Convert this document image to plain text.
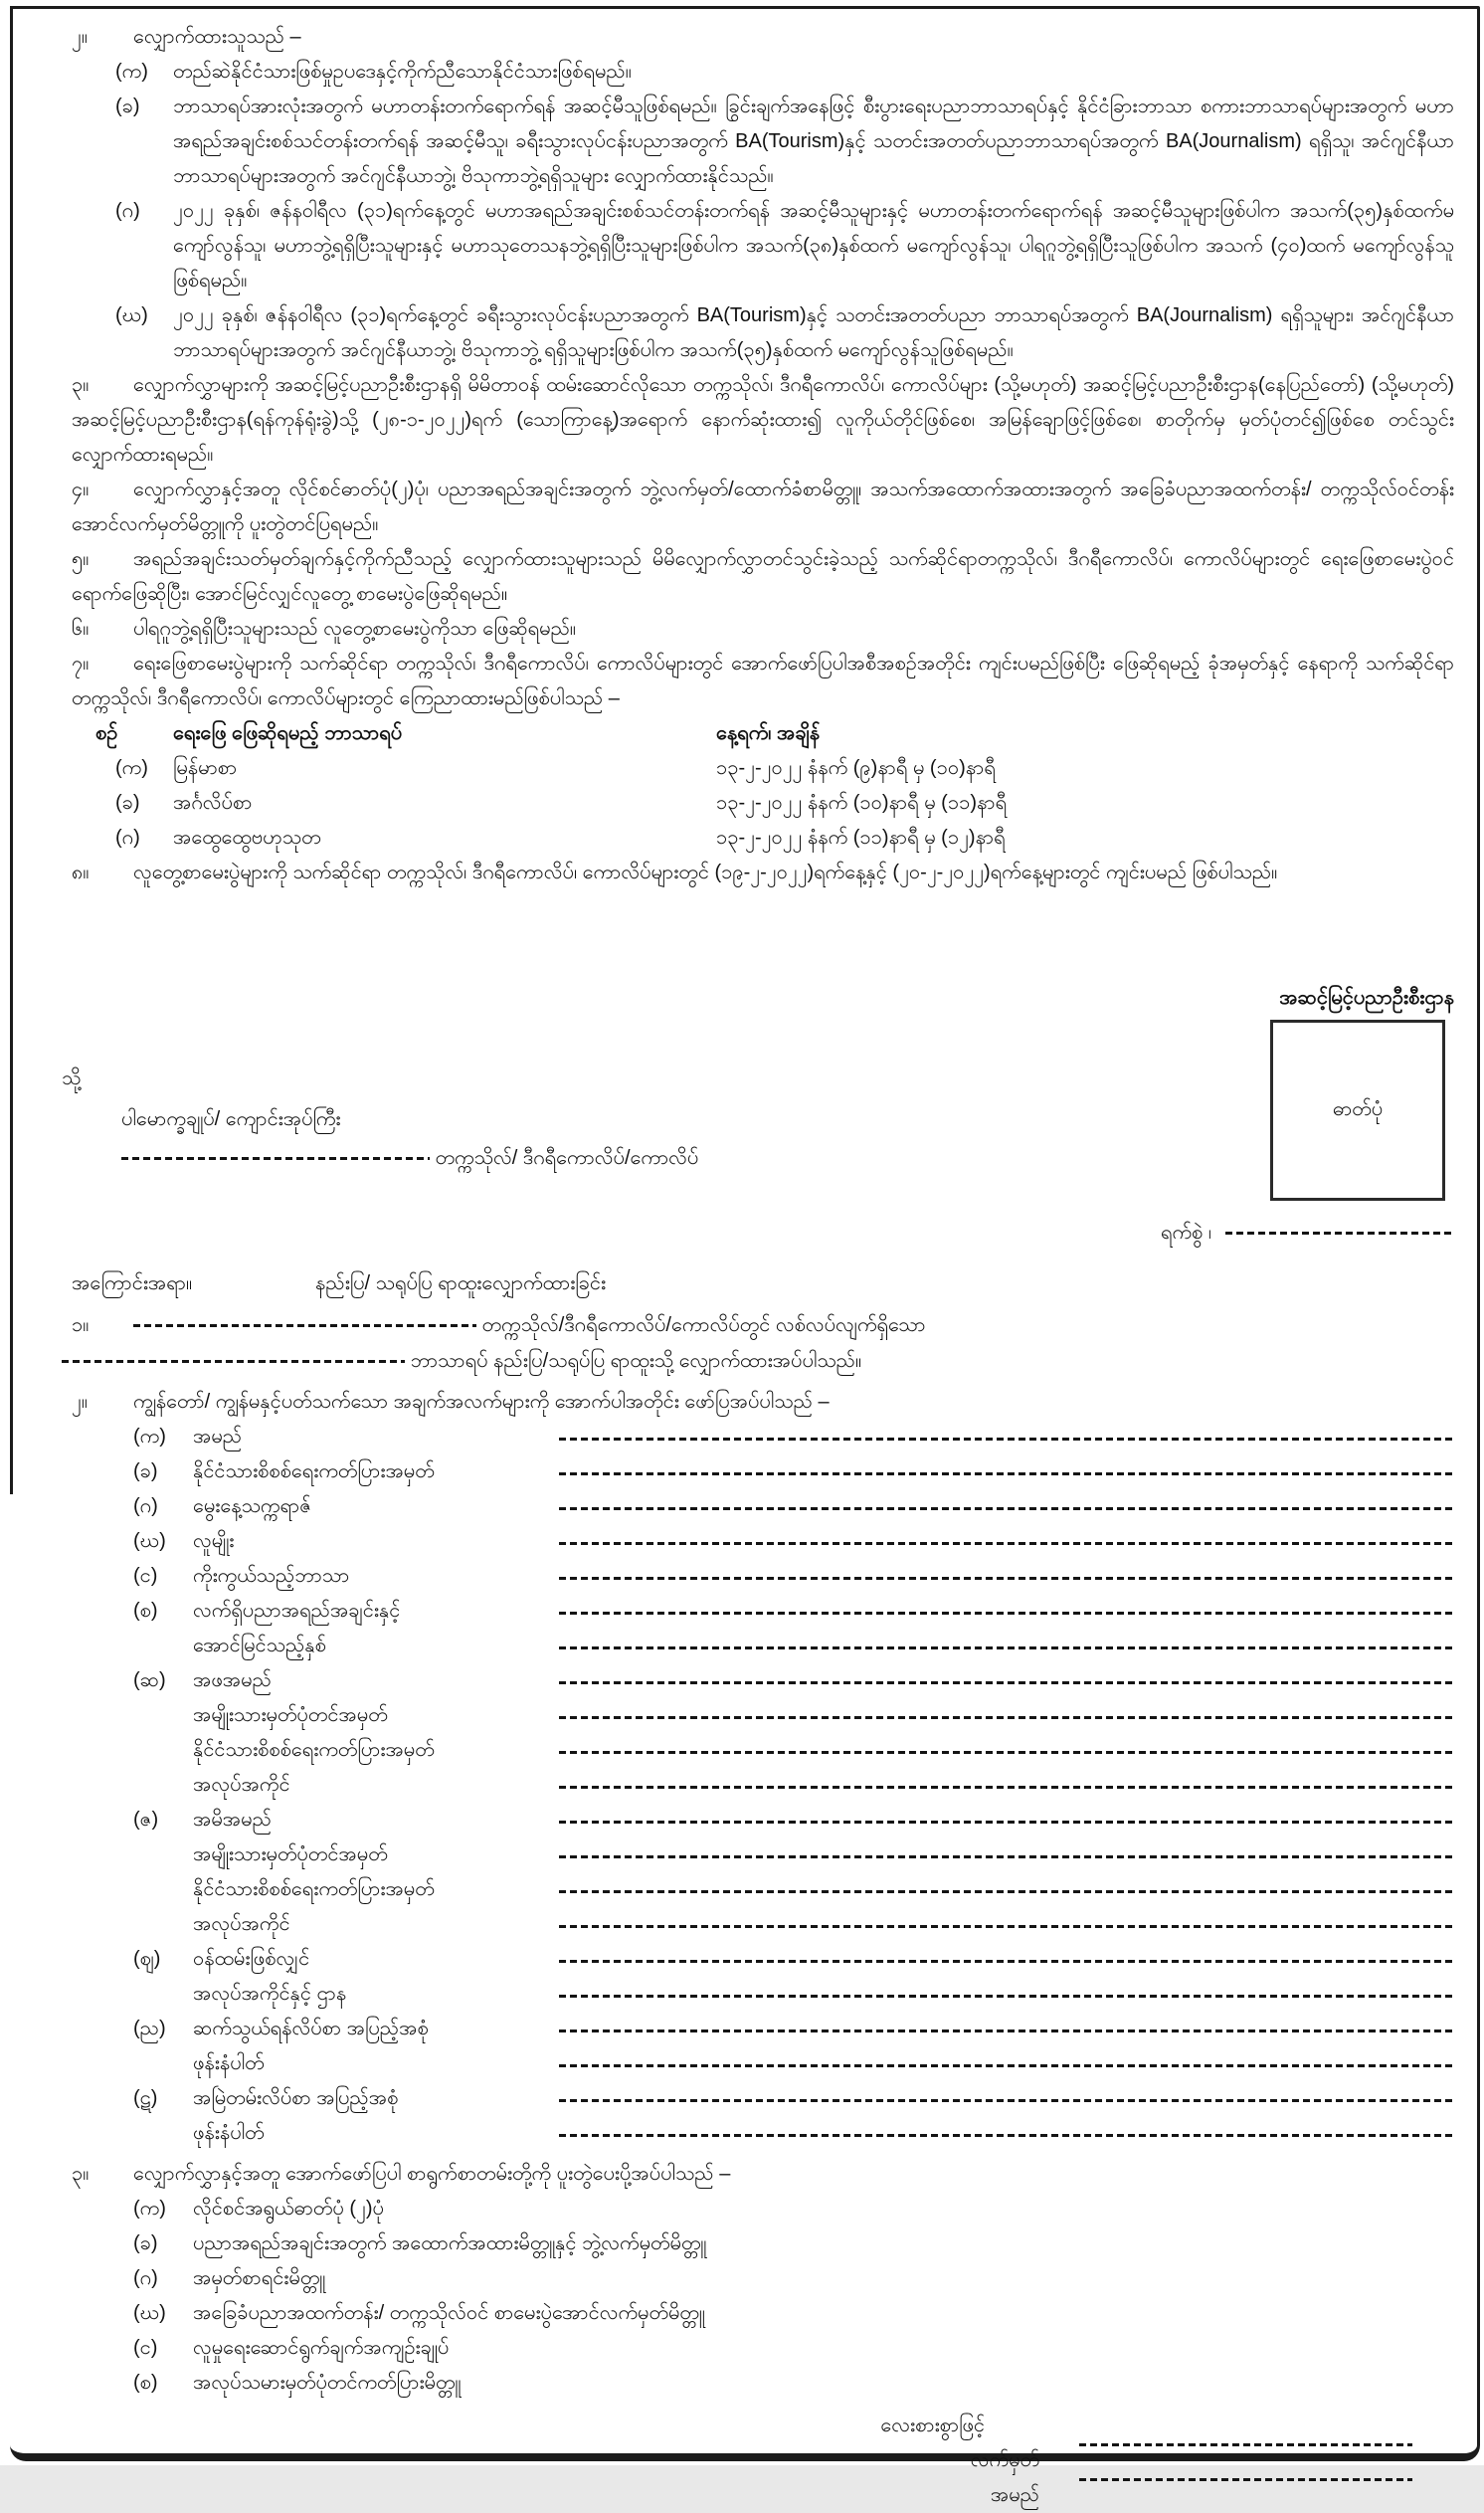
၂။ လျှောက်ထားသူသည် –
(က)	တည်ဆဲနိုင်ငံသားဖြစ်မှုဥပဒေနှင့်ကိုက်ညီသောနိုင်ငံသားဖြစ်ရမည်။
(ခ)	ဘာသာရပ်အားလုံးအတွက် မဟာတန်းတက်ရောက်ရန် အဆင့်မီသူဖြစ်ရမည်။ ခြွင်းချက်အနေဖြင့် စီးပွားရေးပညာဘာသာရပ်နှင့် နိုင်ငံခြားဘာသာ စကားဘာသာရပ်များအတွက် မဟာအရည်အချင်းစစ်သင်တန်းတက်ရန် အဆင့်မီသူ၊ ခရီးသွားလုပ်ငန်းပညာအတွက် BA(Tourism)နှင့် သတင်းအတတ်ပညာဘာသာရပ်အတွက် BA(Journalism) ရရှိသူ၊ အင်ဂျင်နီယာဘာသာရပ်များအတွက် အင်ဂျင်နီယာဘွဲ့၊ ဗိသုကာဘွဲ့ရရှိသူများ လျှောက်ထားနိုင်သည်။
(ဂ)	၂၀၂၂ ခုနှစ်၊ ဇန်နဝါရီလ (၃၁)ရက်နေ့တွင် မဟာအရည်အချင်းစစ်သင်တန်းတက်ရန် အဆင့်မီသူများနှင့် မဟာတန်းတက်ရောက်ရန် အဆင့်မီသူများဖြစ်ပါက အသက်(၃၅)နှစ်ထက်မကျော်လွန်သူ၊ မဟာဘွဲ့ရရှိပြီးသူများနှင့် မဟာသုတေသနဘွဲ့ရရှိပြီးသူများဖြစ်ပါက အသက်(၃၈)နှစ်ထက် မကျော်လွန်သူ၊ ပါရဂူဘွဲ့ရရှိပြီးသူဖြစ်ပါက အသက် (၄၀)ထက် မကျော်လွန်သူဖြစ်ရမည်။
(ဃ)	၂၀၂၂ ခုနှစ်၊ ဇန်နဝါရီလ (၃၁)ရက်နေ့တွင် ခရီးသွားလုပ်ငန်းပညာအတွက် BA(Tourism)နှင့် သတင်းအတတ်ပညာ ဘာသာရပ်အတွက် BA(Journalism) ရရှိသူများ၊ အင်ဂျင်နီယာဘာသာရပ်များအတွက် အင်ဂျင်နီယာဘွဲ့၊ ဗိသုကာဘွဲ့ ရရှိသူများဖြစ်ပါက အသက်(၃၅)နှစ်ထက် မကျော်လွန်သူဖြစ်ရမည်။
၃။ လျှောက်လွှာများကို အဆင့်မြင့်ပညာဦးစီးဌာနရှိ မိမိတာဝန် ထမ်းဆောင်လိုသော တက္ကသိုလ်၊ ဒီဂရီကောလိပ်၊ ကောလိပ်များ (သို့မဟုတ်) အဆင့်မြင့်ပညာဦးစီးဌာန(နေပြည်တော်) (သို့မဟုတ်) အဆင့်မြင့်ပညာဦးစီးဌာန(ရန်ကုန်ရုံးခွဲ)သို့ (၂၈-၁-၂၀၂၂)ရက် (သောကြာနေ့)အရောက် နောက်ဆုံးထား၍ လူကိုယ်တိုင်ဖြစ်စေ၊ အမြန်ချောဖြင့်ဖြစ်စေ၊ စာတိုက်မှ မှတ်ပုံတင်၍ဖြစ်စေ တင်သွင်း လျှောက်ထားရမည်။
၄။ လျှောက်လွှာနှင့်အတူ လိုင်စင်ဓာတ်ပုံ(၂)ပုံ၊ ပညာအရည်အချင်းအတွက် ဘွဲ့လက်မှတ်/ထောက်ခံစာမိတ္တူ၊ အသက်အထောက်အထားအတွက် အခြေခံပညာအထက်တန်း/ တက္ကသိုလ်ဝင်တန်းအောင်လက်မှတ်မိတ္တူကို ပူးတွဲတင်ပြရမည်။
၅။ အရည်အချင်းသတ်မှတ်ချက်နှင့်ကိုက်ညီသည့် လျှောက်ထားသူများသည် မိမိလျှောက်လွှာတင်သွင်းခဲ့သည့် သက်ဆိုင်ရာတက္ကသိုလ်၊ ဒီဂရီကောလိပ်၊ ကောလိပ်များတွင် ရေးဖြေစာမေးပွဲဝင်ရောက်ဖြေဆိုပြီး၊ အောင်မြင်လျှင်လူတွေ့ စာမေးပွဲဖြေဆိုရမည်။
၆။ ပါရဂူဘွဲ့ရရှိပြီးသူများသည် လူတွေ့စာမေးပွဲကိုသာ ဖြေဆိုရမည်။
၇။ ရေးဖြေစာမေးပွဲများကို သက်ဆိုင်ရာ တက္ကသိုလ်၊ ဒီဂရီကောလိပ်၊ ကောလိပ်များတွင် အောက်ဖော်ပြပါအစီအစဉ်အတိုင်း ကျင်းပမည်ဖြစ်ပြီး ဖြေဆိုရမည့် ခုံအမှတ်နှင့် နေရာကို သက်ဆိုင်ရာတက္ကသိုလ်၊ ဒီဂရီကောလိပ်၊ ကောလိပ်များတွင် ကြေညာထားမည်ဖြစ်ပါသည် –
စဉ်	ရေးဖြေ ဖြေဆိုရမည့် ဘာသာရပ်	နေ့ရက်၊ အချိန်
(က)	မြန်မာစာ	၁၃-၂-၂၀၂၂ နံနက် (၉)နာရီ မှ (၁၀)နာရီ
(ခ)	အင်္ဂလိပ်စာ	၁၃-၂-၂၀၂၂ နံနက် (၁၀)နာရီ မှ (၁၁)နာရီ
(ဂ)	အထွေထွေဗဟုသုတ	၁၃-၂-၂၀၂၂ နံနက် (၁၁)နာရီ မှ (၁၂)နာရီ
၈။ လူတွေ့စာမေးပွဲများကို သက်ဆိုင်ရာ တက္ကသိုလ်၊ ဒီဂရီကောလိပ်၊ ကောလိပ်များတွင် (၁၉-၂-၂၀၂၂)ရက်နေ့နှင့် (၂၀-၂-၂၀၂၂)ရက်နေ့များတွင် ကျင်းပမည် ဖြစ်ပါသည်။
အဆင့်မြင့်ပညာဦးစီးဌာန
သို့
ပါမောက္ခချုပ်/ ကျောင်းအုပ်ကြီး
တက္ကသိုလ်/ ဒီဂရီကောလိပ်/ကောလိပ်
ရက်စွဲ ၊
အကြောင်းအရာ။	နည်းပြ/ သရုပ်ပြ ရာထူးလျှောက်ထားခြင်း
၁။	တက္ကသိုလ်/ဒီဂရီကောလိပ်/ကောလိပ်တွင် လစ်လပ်လျက်ရှိသော
ဘာသာရပ် နည်းပြ/သရုပ်ပြ ရာထူးသို့ လျှောက်ထားအပ်ပါသည်။
၂။ ကျွန်တော်/ ကျွန်မနှင့်ပတ်သက်သော အချက်အလက်များကို အောက်ပါအတိုင်း ဖော်ပြအပ်ပါသည် –
(က)	အမည်
(ခ)	နိုင်ငံသားစိစစ်ရေးကတ်ပြားအမှတ်
(ဂ)	မွေးနေ့သက္ကရာဇ်
(ဃ)	လူမျိုး
(င)	ကိုးကွယ်သည့်ဘာသာ
(စ)	လက်ရှိပညာအရည်အချင်းနှင့်
အောင်မြင်သည့်နှစ်
(ဆ)	အဖအမည်
အမျိုးသားမှတ်ပုံတင်အမှတ်
နိုင်ငံသားစိစစ်ရေးကတ်ပြားအမှတ်
အလုပ်အကိုင်
(ဇ)	အမိအမည်
အမျိုးသားမှတ်ပုံတင်အမှတ်
နိုင်ငံသားစိစစ်ရေးကတ်ပြားအမှတ်
အလုပ်အကိုင်
(ဈ)	ဝန်ထမ်းဖြစ်လျှင်
အလုပ်အကိုင်နှင့် ဌာန
(ည)	ဆက်သွယ်ရန်လိပ်စာ အပြည့်အစုံ
ဖုန်းနံပါတ်
(ဋ)	အမြဲတမ်းလိပ်စာ အပြည့်အစုံ
ဖုန်းနံပါတ်
၃။ လျှောက်လွှာနှင့်အတူ အောက်ဖော်ပြပါ စာရွက်စာတမ်းတို့ကို ပူးတွဲပေးပို့အပ်ပါသည် –
(က)	လိုင်စင်အရွယ်ဓာတ်ပုံ (၂)ပုံ
(ခ)	ပညာအရည်အချင်းအတွက် အထောက်အထားမိတ္တူနှင့် ဘွဲ့လက်မှတ်မိတ္တူ
(ဂ)	အမှတ်စာရင်းမိတ္တူ
(ဃ)	အခြေခံပညာအထက်တန်း/ တက္ကသိုလ်ဝင် စာမေးပွဲအောင်လက်မှတ်မိတ္တူ
(င)	လူမှုရေးဆောင်ရွက်ချက်အကျဉ်းချုပ်
(စ)	အလုပ်သမားမှတ်ပုံတင်ကတ်ပြားမိတ္တူ
လေးစားစွာဖြင့်
လက်မှတ်
အမည်
ဓာတ်ပုံ
